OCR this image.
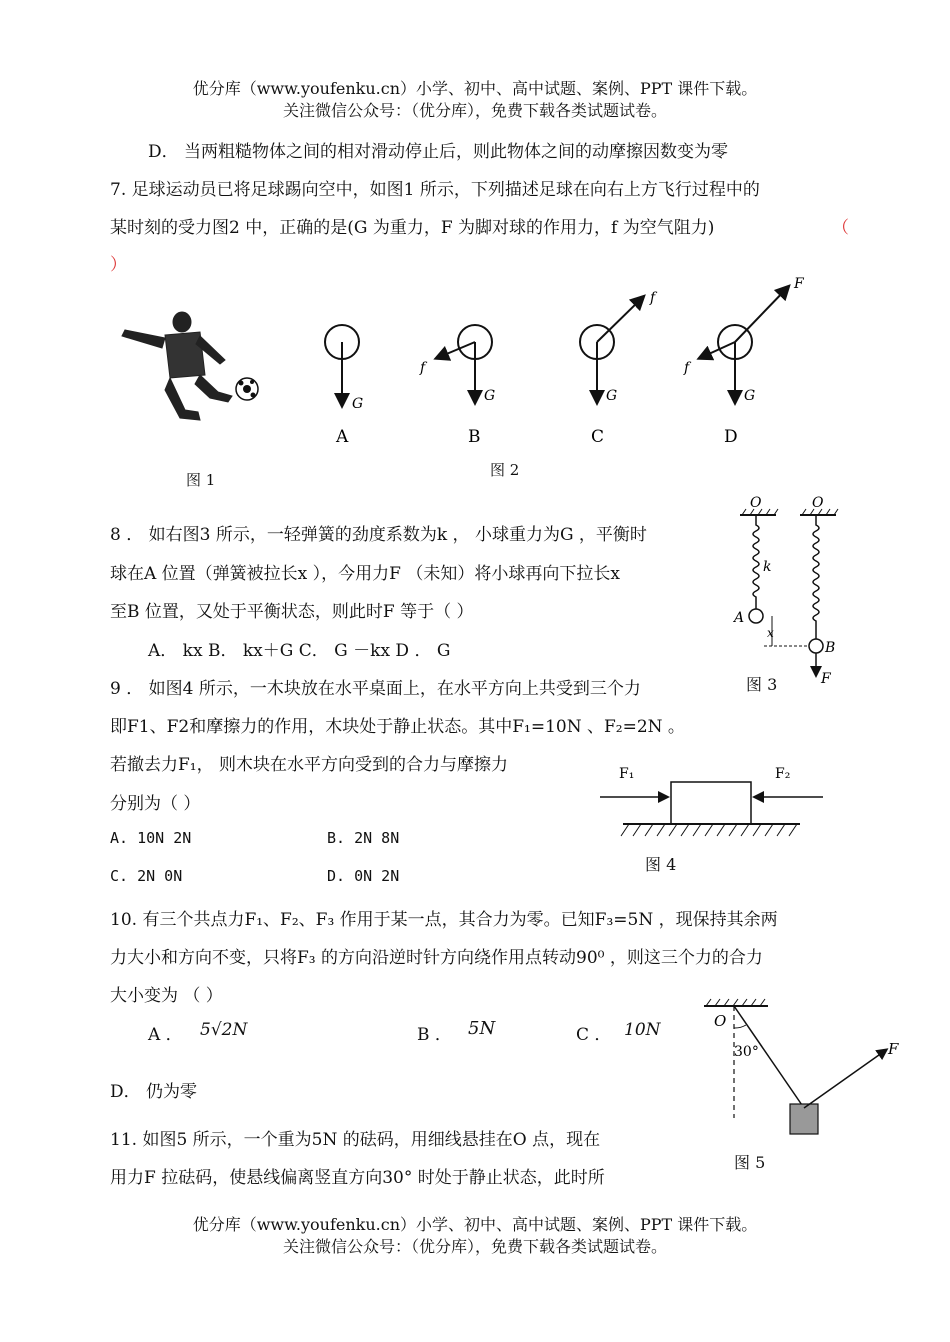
优分库（www.youfenku.cn）小学、初中、高中试题、案例、PPT 课件下载。
关注微信公众号：（优分库），免费下载各类试题试卷。
D． 当两粗糙物体之间的相对滑动停止后，则此物体之间的动摩擦因数变为零
7. 足球运动员已将足球踢向空中，如图1 所示，下列描述足球在向右上方飞行过程中的
某时刻的受力图2 中，正确的是(G 为重力，F 为脚对球的作用力，f 为空气阻力)	（
）
图 1
G
A
G
f
B
G
f
C
G
f
F
D
图 2
8 ． 如右图3 所示，一轻弹簧的劲度系数为k ， 小球重力为G ，平衡时
球在A 位置（弹簧被拉长x ），今用力F （未知）将小球再向下拉长x
至B 位置，又处于平衡状态，则此时F 等于（ ）
A． kx B． kx＋G C． G －kx D ． G
O	O
k
A
x
B
F
图 3
9 ． 如图4 所示，一木块放在水平桌面上，在水平方向上共受到三个力
即F1、F2和摩擦力的作用，木块处于静止状态。其中F₁=10N 、F₂=2N 。
若撤去力F₁， 则木块在水平方向受到的合力与摩擦力
分别为（ ）
A. 10N 2N	B. 2N 8N
C. 2N 0N	D. 0N 2N
F₁	F₂
图 4
10. 有三个共点力F₁、F₂、F₃ 作用于某一点，其合力为零。已知F₃=5N ，现保持其余两
力大小和方向不变，只将F₃ 的方向沿逆时针方向绕作用点转动90⁰ ，则这三个力的合力
大小变为 （ ）
A ． 5√2N	B ． 5N	C ． 10N
D． 仍为零
O
30°	F
图 5
11. 如图5 所示，一个重为5N 的砝码，用细线悬挂在O 点，现在
用力F 拉砝码，使悬线偏离竖直方向30° 时处于静止状态，此时所
优分库（www.youfenku.cn）小学、初中、高中试题、案例、PPT 课件下载。
关注微信公众号：（优分库），免费下载各类试题试卷。
